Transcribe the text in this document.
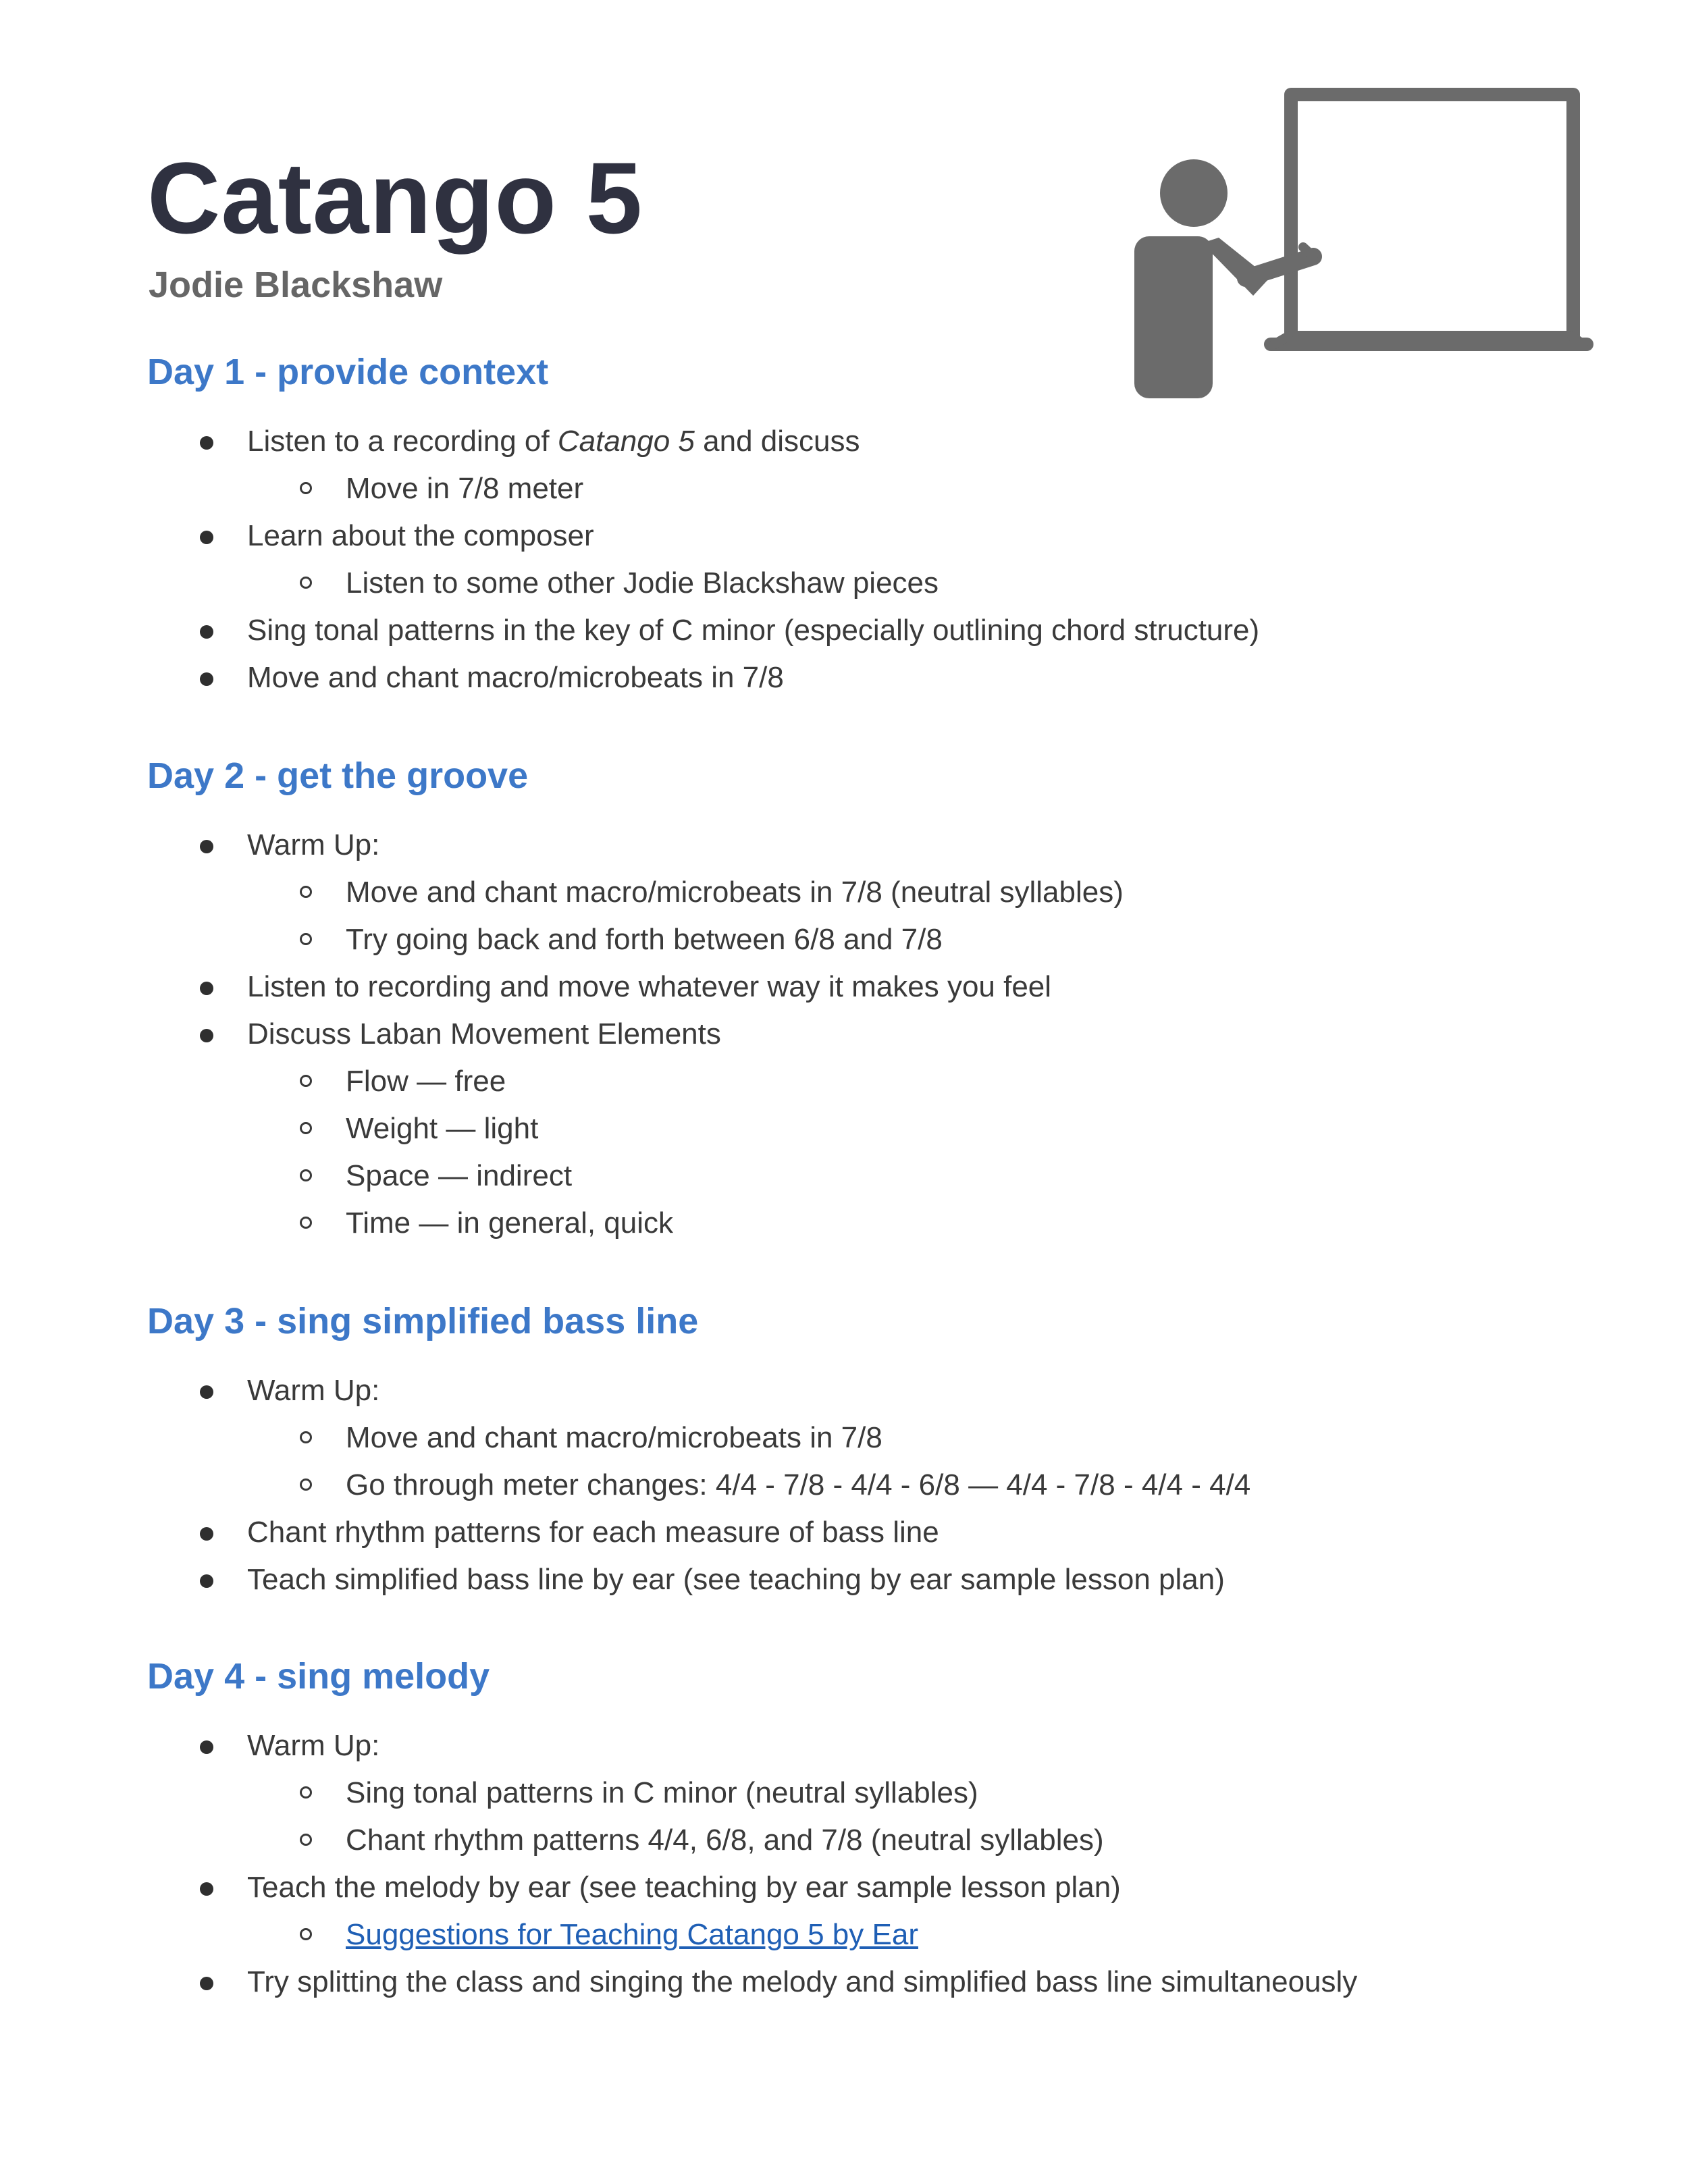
Catango 5
Jodie Blackshaw
Day 1 - provide context
Listen to a recording of Catango 5 and discuss
Move in 7/8 meter
Learn about the composer
Listen to some other Jodie Blackshaw pieces
Sing tonal patterns in the key of C minor (especially outlining chord structure)
Move and chant macro/microbeats in 7/8
Day 2 - get the groove
Warm Up:
Move and chant macro/microbeats in 7/8 (neutral syllables)
Try going back and forth between 6/8 and 7/8
Listen to recording and move whatever way it makes you feel
Discuss Laban Movement Elements
Flow — free
Weight — light
Space — indirect
Time — in general, quick
Day 3 - sing simplified bass line
Warm Up:
Move and chant macro/microbeats in 7/8
Go through meter changes: 4/4 - 7/8 - 4/4 - 6/8 — 4/4 - 7/8 - 4/4 - 4/4
Chant rhythm patterns for each measure of bass line
Teach simplified bass line by ear (see teaching by ear sample lesson plan)
Day 4 - sing melody
Warm Up:
Sing tonal patterns in C minor (neutral syllables)
Chant rhythm patterns 4/4, 6/8, and 7/8 (neutral syllables)
Teach the melody by ear (see teaching by ear sample lesson plan)
Suggestions for Teaching Catango 5 by Ear
Try splitting the class and singing the melody and simplified bass line simultaneously
